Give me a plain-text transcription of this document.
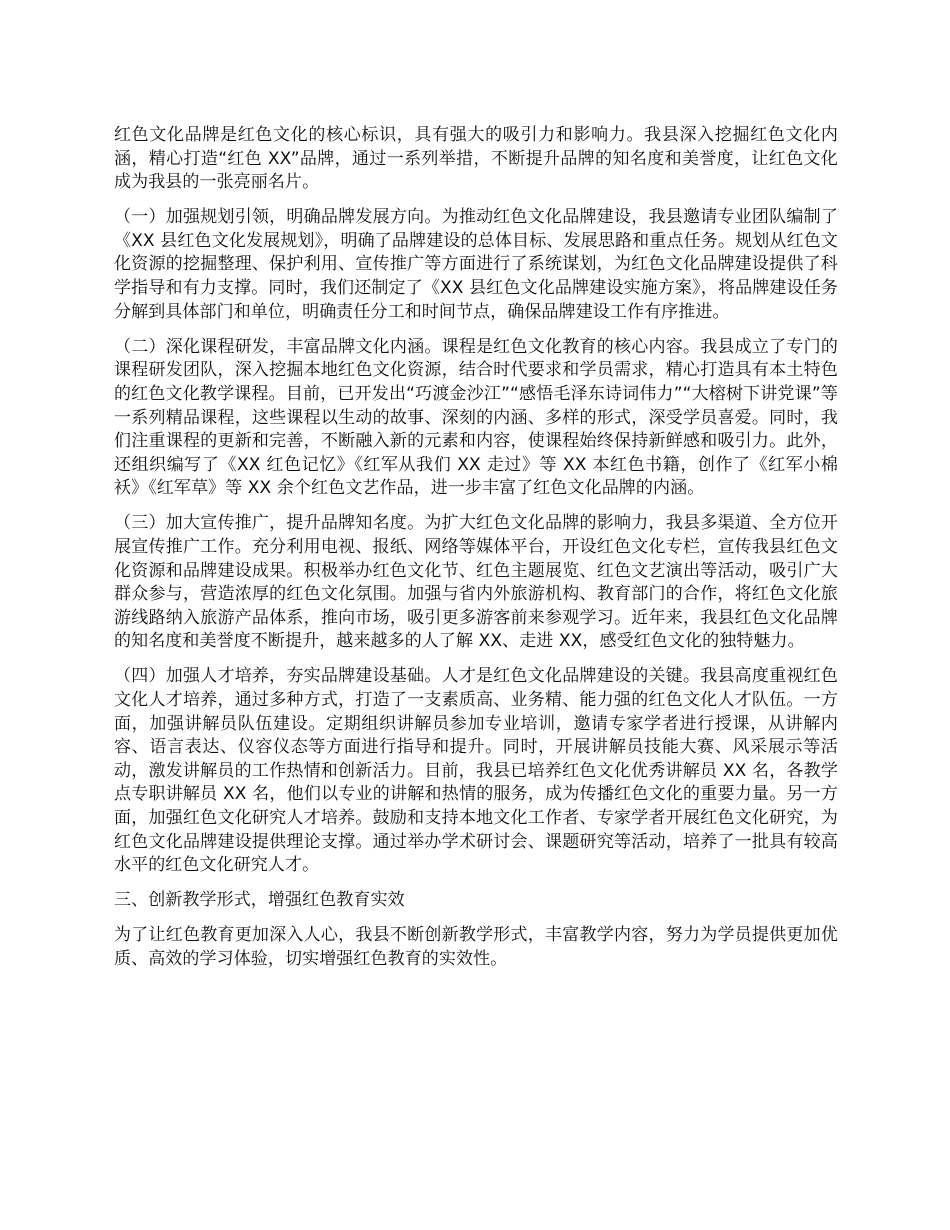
红色文化品牌是红色文化的核心标识，具有强大的吸引力和影响力。我县深入挖掘红色文化内涵，精心打造“红色 XX”品牌，通过一系列举措，不断提升品牌的知名度和美誉度，让红色文化成为我县的一张亮丽名片。

（一）加强规划引领，明确品牌发展方向。为推动红色文化品牌建设，我县邀请专业团队编制了《XX 县红色文化发展规划》，明确了品牌建设的总体目标、发展思路和重点任务。规划从红色文化资源的挖掘整理、保护利用、宣传推广等方面进行了系统谋划，为红色文化品牌建设提供了科学指导和有力支撑。同时，我们还制定了《XX 县红色文化品牌建设实施方案》，将品牌建设任务分解到具体部门和单位，明确责任分工和时间节点，确保品牌建设工作有序推进。

（二）深化课程研发，丰富品牌文化内涵。课程是红色文化教育的核心内容。我县成立了专门的课程研发团队，深入挖掘本地红色文化资源，结合时代要求和学员需求，精心打造具有本土特色的红色文化教学课程。目前，已开发出“巧渡金沙江”“感悟毛泽东诗词伟力”“大榕树下讲党课”等一系列精品课程，这些课程以生动的故事、深刻的内涵、多样的形式，深受学员喜爱。同时，我们注重课程的更新和完善，不断融入新的元素和内容，使课程始终保持新鲜感和吸引力。此外，还组织编写了《XX 红色记忆》《红军从我们 XX 走过》等 XX 本红色书籍，创作了《红军小棉袄》《红军草》等 XX 余个红色文艺作品，进一步丰富了红色文化品牌的内涵。

（三）加大宣传推广，提升品牌知名度。为扩大红色文化品牌的影响力，我县多渠道、全方位开展宣传推广工作。充分利用电视、报纸、网络等媒体平台，开设红色文化专栏，宣传我县红色文化资源和品牌建设成果。积极举办红色文化节、红色主题展览、红色文艺演出等活动，吸引广大群众参与，营造浓厚的红色文化氛围。加强与省内外旅游机构、教育部门的合作，将红色文化旅游线路纳入旅游产品体系，推向市场，吸引更多游客前来参观学习。近年来，我县红色文化品牌的知名度和美誉度不断提升，越来越多的人了解 XX、走进 XX，感受红色文化的独特魅力。

（四）加强人才培养，夯实品牌建设基础。人才是红色文化品牌建设的关键。我县高度重视红色文化人才培养，通过多种方式，打造了一支素质高、业务精、能力强的红色文化人才队伍。一方面，加强讲解员队伍建设。定期组织讲解员参加专业培训，邀请专家学者进行授课，从讲解内容、语言表达、仪容仪态等方面进行指导和提升。同时，开展讲解员技能大赛、风采展示等活动，激发讲解员的工作热情和创新活力。目前，我县已培养红色文化优秀讲解员 XX 名，各教学点专职讲解员 XX 名，他们以专业的讲解和热情的服务，成为传播红色文化的重要力量。另一方面，加强红色文化研究人才培养。鼓励和支持本地文化工作者、专家学者开展红色文化研究，为红色文化品牌建设提供理论支撑。通过举办学术研讨会、课题研究等活动，培养了一批具有较高水平的红色文化研究人才。

三、创新教学形式，增强红色教育实效

为了让红色教育更加深入人心，我县不断创新教学形式，丰富教学内容，努力为学员提供更加优质、高效的学习体验，切实增强红色教育的实效性。
